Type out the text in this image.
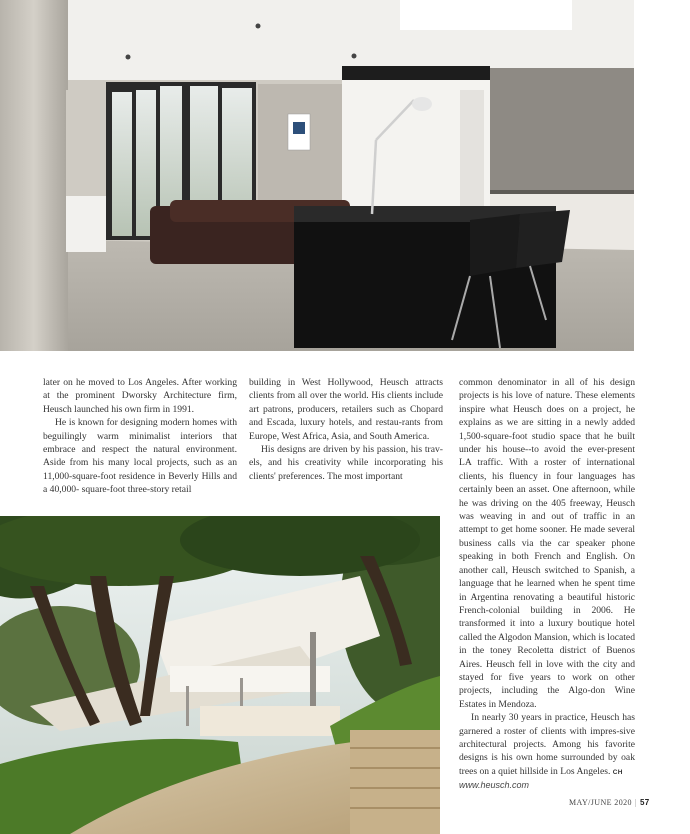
later on he moved to Los Angeles. After working at the prominent Dworsky Architecture firm, Heusch launched his own firm in 1991.

He is known for designing modern homes with beguilingly warm minimalist interiors that embrace and respect the natural environment. Aside from his many local projects, such as an 11,000-square-foot residence in Beverly Hills and a 40,000- square-foot three-story retail

building in West Hollywood, Heusch attracts clients from all over the world. His clients include art patrons, producers, retailers such as Chopard and Escada, luxury hotels, and restau-rants from Europe, West Africa, Asia, and South America.

His designs are driven by his passion, his trav-els, and his creativity while incorporating his clients' preferences. The most important

common denominator in all of his design projects is his love of nature. These elements inspire what Heusch does on a project, he explains as we are sitting in a newly added 1,500-square-foot studio space that he built under his house--to avoid the ever-present LA traffic. With a roster of international clients, his fluency in four languages has certainly been an asset. One afternoon, while he was driving on the 405 freeway, Heusch was weaving in and out of traffic in an attempt to get home sooner. He made several business calls via the car speaker phone speaking in both French and English. On another call, Heusch switched to Spanish, a language that he learned when he spent time in Argentina renovating a beautiful historic French-colonial building in 2006. He transformed it into a luxury boutique hotel called the Algodon Mansion, which is located in the toney Recoletta district of Buenos Aires. Heusch fell in love with the city and stayed for five years to work on other projects, including the Algo-don Wine Estates in Mendoza.

In nearly 30 years in practice, Heusch has garnered a roster of clients with impres-sive architectural projects. Among his favorite designs is his own home surrounded by oak trees on a quiet hillside in Los Angeles. CH

www.heusch.com

MAY/JUNE 2020 | 57
